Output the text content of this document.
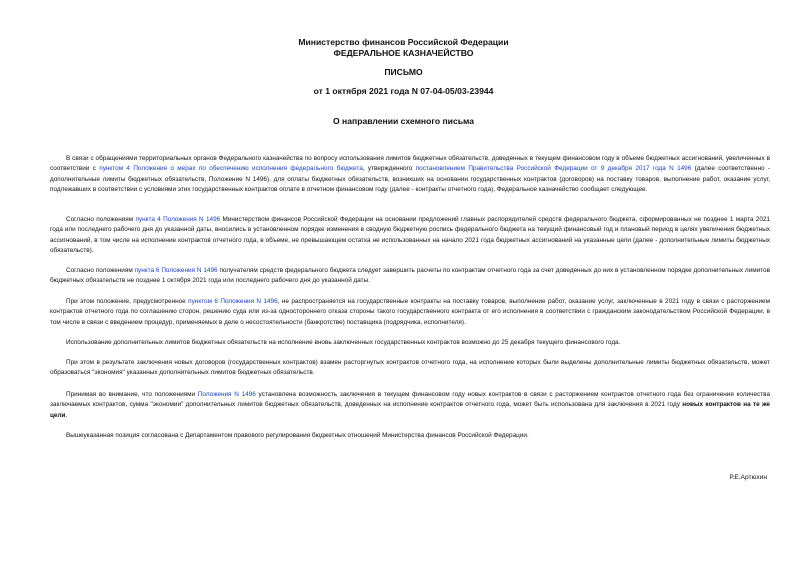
Министерство финансов Российской Федерации
ФЕДЕРАЛЬНОЕ КАЗНАЧЕЙСТВО
ПИСЬМО
от 1 октября 2021 года N 07-04-05/03-23944
О направлении схемного письма

В связи с обращениями территориальных органов Федерального казначейства по вопросу использования лимитов бюджетных обязательств, доведенных в текущем финансовом году в объеме бюджетных ассигнований, увеличенных в соответствии с пунктом 4 Положения о мерах по обеспечению исполнения федерального бюджета, утвержденного постановлением Правительства Российской Федерации от 9 декабря 2017 года N 1496 (далее соответственно - дополнительные лимиты бюджетных обязательств, Положение N 1496), для оплаты бюджетных обязательств, возникших на основании государственных контрактов (договоров) на поставку товаров, выполнение работ, оказание услуг, подлежавших в соответствии с условиями этих государственных контрактов оплате в отчетном финансовом году (далее - контракты отчетного года), Федеральное казначейство сообщает следующее.

Согласно положениям пункта 4 Положения N 1496 Министерством финансов Российской Федерации на основании предложений главных распорядителей средств федерального бюджета, сформированных не позднее 1 марта 2021 года или последнего рабочего дня до указанной даты, вносились в установленном порядке изменения в сводную бюджетную роспись федерального бюджета на текущий финансовый год и плановый период в целях увеличения бюджетных ассигнований, в том числе на исполнение контрактов отчетного года, в объеме, не превышающем остатка не использованных на начало 2021 года бюджетных ассигнований на указанные цели (далее - дополнительные лимиты бюджетных обязательств).

Согласно положениям пункта 6 Положения N 1496 получателям средств федерального бюджета следует завершить расчеты по контрактам отчетного года за счет доведенных до них в установленном порядке дополнительных лимитов бюджетных обязательств не позднее 1 октября 2021 года или последнего рабочего дня до указанной даты.

При этом положение, предусмотренное пунктом 6 Положения N 1496, не распространяется на государственные контракты на поставку товаров, выполнение работ, оказание услуг, заключенные в 2021 году в связи с расторжением контрактов отчетного года по соглашению сторон, решению суда или из-за одностороннего отказа стороны такого государственного контракта от его исполнения в соответствии с гражданским законодательством Российской Федерации, в том числе в связи с введением процедур, применяемых в деле о несостоятельности (банкротстве) поставщика (подрядчика, исполнителя).

Использование дополнительных лимитов бюджетных обязательств на исполнение вновь заключенных государственных контрактов возможно до 25 декабря текущего финансового года.

При этом в результате заключения новых договоров (государственных контрактов) взамен расторгнутых контрактов отчетного года, на исполнение которых были выделены дополнительные лимиты бюджетных обязательств, может образоваться "экономия" указанных дополнительных лимитов бюджетных обязательств.

Принимая во внимание, что положениями Положения N 1496 установлена возможность заключения в текущем финансовом году новых контрактов в связи с расторжением контрактов отчетного года без ограничения количества заключаемых контрактов, сумма "экономии" дополнительных лимитов бюджетных обязательств, доведенных на исполнение контрактов отчетного года, может быть использована для заключения в 2021 году новых контрактов на те же цели.

Вышеуказанная позиция согласована с Департаментом правового регулирования бюджетных отношений Министерства финансов Российской Федерации.

Р.Е.Артюхин
